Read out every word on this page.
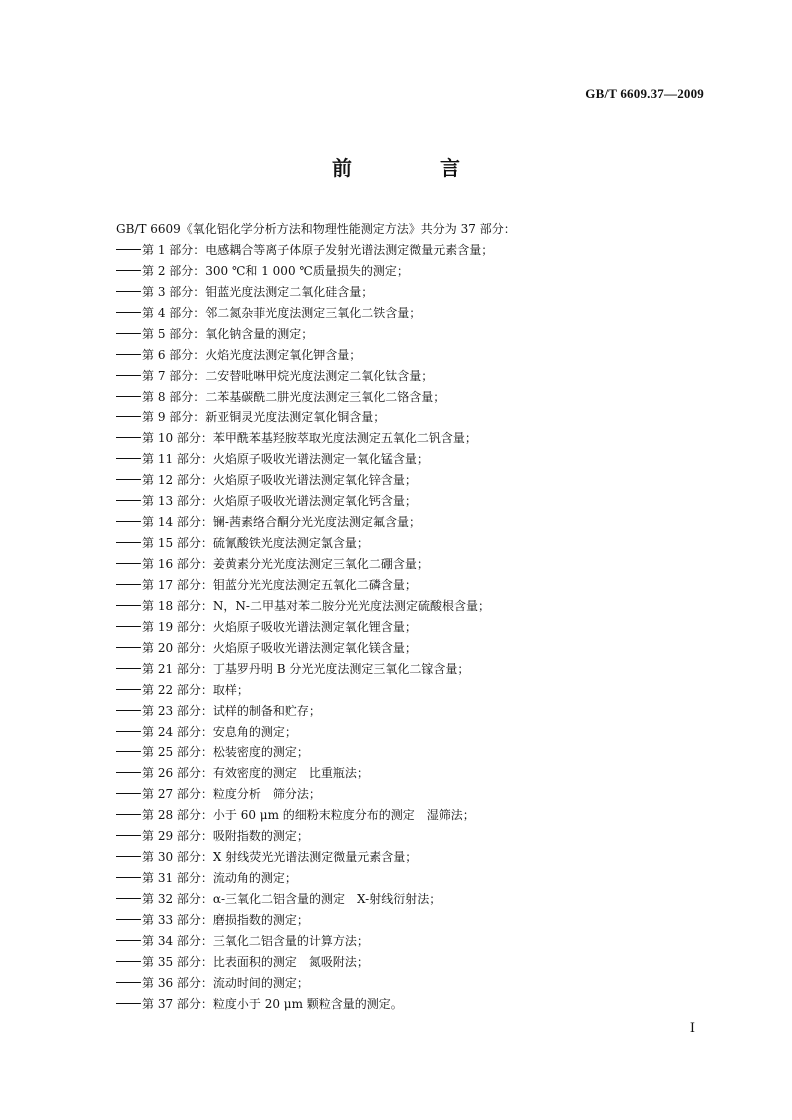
GB/T 6609.37—2009
前　言
GB/T 6609《氧化铝化学分析方法和物理性能测定方法》共分为 37 部分：
第 1 部分：电感耦合等离子体原子发射光谱法测定微量元素含量；
第 2 部分：300 ℃和 1 000 ℃质量损失的测定；
第 3 部分：钼蓝光度法测定二氧化硅含量；
第 4 部分：邻二氮杂菲光度法测定三氧化二铁含量；
第 5 部分：氧化钠含量的测定；
第 6 部分：火焰光度法测定氧化钾含量；
第 7 部分：二安替吡啉甲烷光度法测定二氧化钛含量；
第 8 部分：二苯基碳酰二肼光度法测定三氧化二铬含量；
第 9 部分：新亚铜灵光度法测定氧化铜含量；
第 10 部分：苯甲酰苯基羟胺萃取光度法测定五氧化二钒含量；
第 11 部分：火焰原子吸收光谱法测定一氧化锰含量；
第 12 部分：火焰原子吸收光谱法测定氧化锌含量；
第 13 部分：火焰原子吸收光谱法测定氧化钙含量；
第 14 部分：镧-茜素络合酮分光光度法测定氟含量；
第 15 部分：硫氰酸铁光度法测定氯含量；
第 16 部分：姜黄素分光光度法测定三氧化二硼含量；
第 17 部分：钼蓝分光光度法测定五氧化二磷含量；
第 18 部分：N，N-二甲基对苯二胺分光光度法测定硫酸根含量；
第 19 部分：火焰原子吸收光谱法测定氧化锂含量；
第 20 部分：火焰原子吸收光谱法测定氧化镁含量；
第 21 部分：丁基罗丹明 B 分光光度法测定三氧化二镓含量；
第 22 部分：取样；
第 23 部分：试样的制备和贮存；
第 24 部分：安息角的测定；
第 25 部分：松装密度的测定；
第 26 部分：有效密度的测定　比重瓶法；
第 27 部分：粒度分析　筛分法；
第 28 部分：小于 60 μm 的细粉末粒度分布的测定　湿筛法；
第 29 部分：吸附指数的测定；
第 30 部分：X 射线荧光光谱法测定微量元素含量；
第 31 部分：流动角的测定；
第 32 部分：α-三氧化二铝含量的测定　X-射线衍射法；
第 33 部分：磨损指数的测定；
第 34 部分：三氧化二铝含量的计算方法；
第 35 部分：比表面积的测定　氮吸附法；
第 36 部分：流动时间的测定；
第 37 部分：粒度小于 20 μm 颗粒含量的测定。
Ⅰ
